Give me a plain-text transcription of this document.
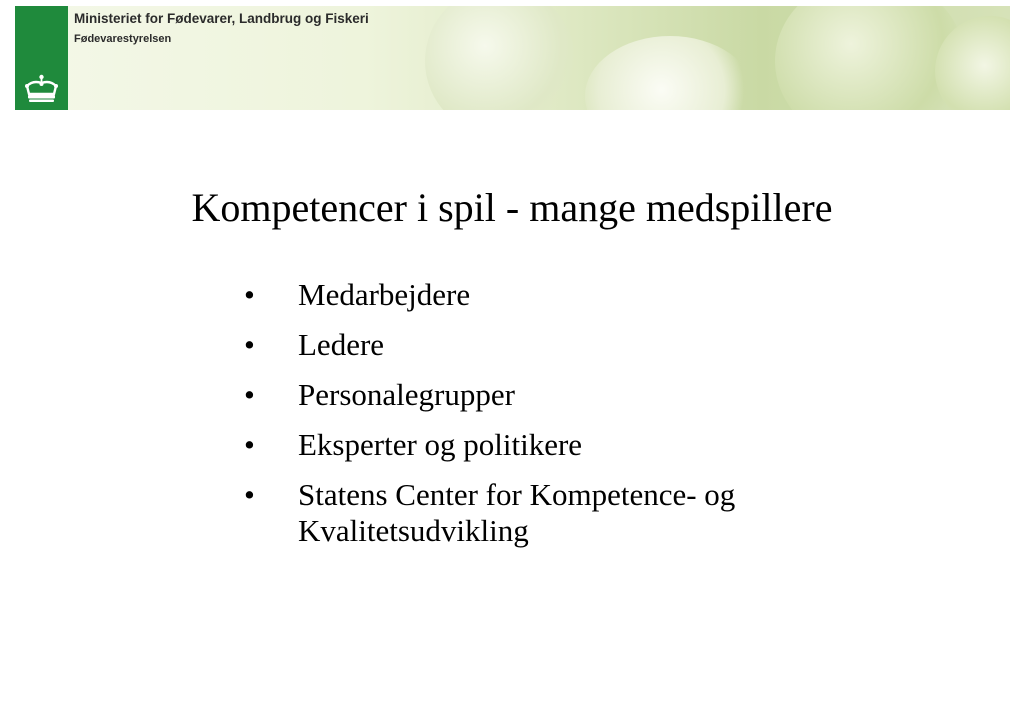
Ministeriet for Fødevarer, Landbrug og Fiskeri
Fødevarestyrelsen
Kompetencer i spil - mange medspillere
• Medarbejdere
• Ledere
• Personalegrupper
• Eksperter og politikere
• Statens Center for Kompetence- og Kvalitetsudvikling
